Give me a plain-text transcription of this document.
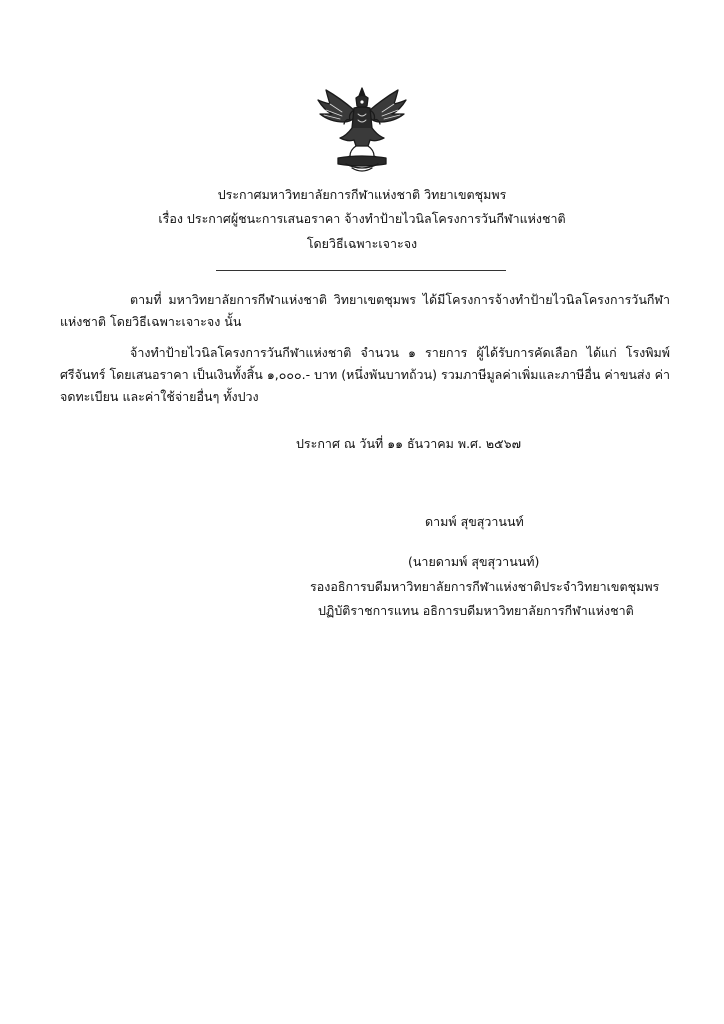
ประกาศมหาวิทยาลัยการกีฬาแห่งชาติ วิทยาเขตชุมพร
เรื่อง ประกาศผู้ชนะการเสนอราคา จ้างทำป้ายไวนิลโครงการวันกีฬาแห่งชาติ
โดยวิธีเฉพาะเจาะจง
ตามที่ มหาวิทยาลัยการกีฬาแห่งชาติ วิทยาเขตชุมพร ได้มีโครงการจ้างทำป้ายไวนิลโครงการวันกีฬาแห่งชาติ โดยวิธีเฉพาะเจาะจง นั้น
จ้างทำป้ายไวนิลโครงการวันกีฬาแห่งชาติ จำนวน ๑ รายการ ผู้ได้รับการคัดเลือก ได้แก่ โรงพิมพ์ ศรีจันทร์ โดยเสนอราคา เป็นเงินทั้งสิ้น ๑,๐๐๐.- บาท (หนึ่งพันบาทถ้วน) รวมภาษีมูลค่าเพิ่มและภาษีอื่น ค่าขนส่ง ค่าจดทะเบียน และค่าใช้จ่ายอื่นๆ ทั้งปวง
ประกาศ ณ วันที่ ๑๑ ธันวาคม พ.ศ. ๒๕๖๗
ดามพ์ สุขสุวานนท์
(นายดามพ์ สุขสุวานนท์)
รองอธิการบดีมหาวิทยาลัยการกีฬาแห่งชาติประจำวิทยาเขตชุมพร
ปฏิบัติราชการแทน อธิการบดีมหาวิทยาลัยการกีฬาแห่งชาติ
